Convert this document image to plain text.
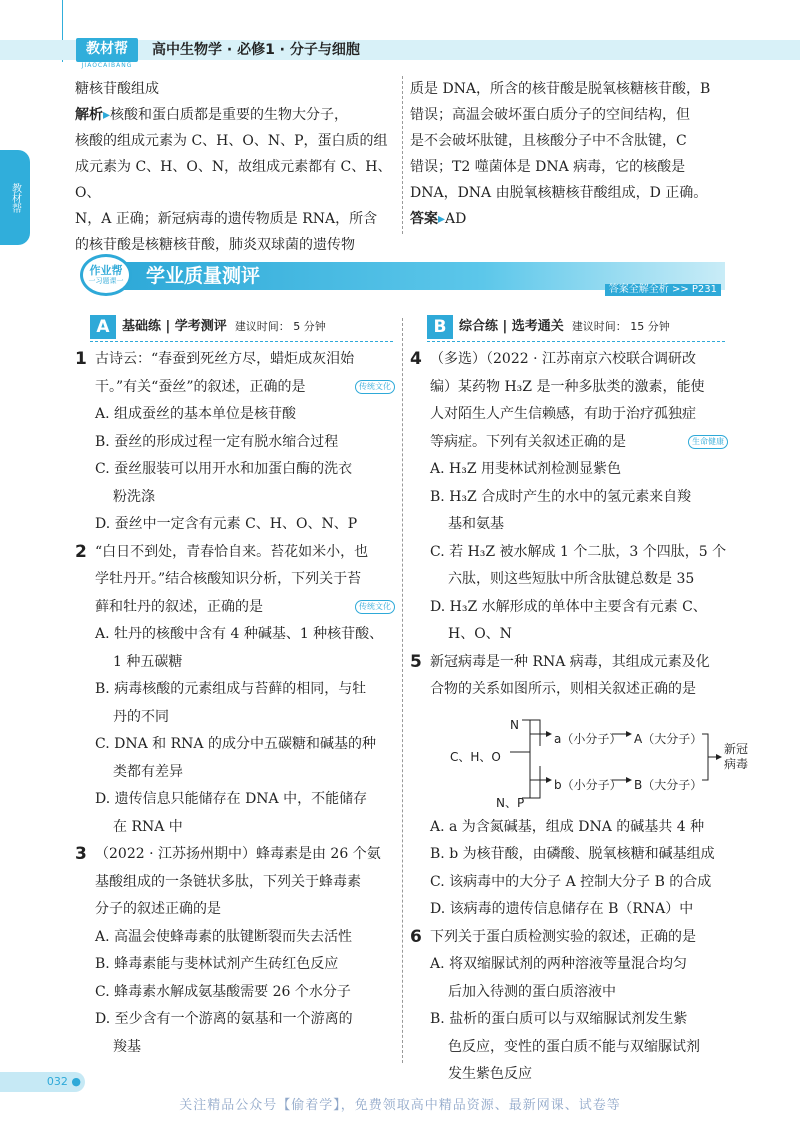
教材帮
JIAOCAIBANG
高中生物学 · 必修1 · 分子与细胞
教材帮

糖核苷酸组成

解析▸核酸和蛋白质都是重要的生物大分子，

核酸的组成元素为 C、H、O、N、P，蛋白质的组

成元素为 C、H、O、N，故组成元素都有 C、H、O、

N，A 正确；新冠病毒的遗传物质是 RNA，所含

的核苷酸是核糖核苷酸，肺炎双球菌的遗传物

质是 DNA，所含的核苷酸是脱氧核糖核苷酸，B

错误；高温会破坏蛋白质分子的空间结构，但

是不会破坏肽键，且核酸分子中不含肽键，C

错误；T2 噬菌体是 DNA 病毒，它的核酸是

DNA，DNA 由脱氧核糖核苷酸组成，D 正确。

答案▸AD

作业帮
一习题课一 学业质量测评
答案全解全析 >> P231
A 基础练 | 学考测评 建议时间： 5 分钟	B 综合练 | 选考通关 建议时间： 15 分钟
1 古诗云：“春蚕到死丝方尽，蜡炬成灰泪始
干。”有关“蚕丝”的叙述，正确的是	传统文化
A. 组成蚕丝的基本单位是核苷酸
B. 蚕丝的形成过程一定有脱水缩合过程
C. 蚕丝服装可以用开水和加蛋白酶的洗衣
粉洗涤
D. 蚕丝中一定含有元素 C、H、O、N、P
2 “白日不到处，青春恰自来。苔花如米小，也
学牡丹开。”结合核酸知识分析，下列关于苔
藓和牡丹的叙述，正确的是	传统文化
A. 牡丹的核酸中含有 4 种碱基、1 种核苷酸、
1 种五碳糖
B. 病毒核酸的元素组成与苔藓的相同，与牡
丹的不同
C. DNA 和 RNA 的成分中五碳糖和碱基的种
类都有差异
D. 遗传信息只能储存在 DNA 中，不能储存
在 RNA 中
3 （2022 · 江苏扬州期中）蜂毒素是由 26 个氨
基酸组成的一条链状多肽，下列关于蜂毒素
分子的叙述正确的是
A. 高温会使蜂毒素的肽键断裂而失去活性
B. 蜂毒素能与斐林试剂产生砖红色反应
C. 蜂毒素水解成氨基酸需要 26 个水分子
D. 至少含有一个游离的氨基和一个游离的
羧基
4 （多选）（2022 · 江苏南京六校联合调研改
编）某药物 H₃Z 是一种多肽类的激素，能使
人对陌生人产生信赖感，有助于治疗孤独症
等病症。下列有关叙述正确的是	生命健康
A. H₃Z 用斐林试剂检测显紫色
B. H₃Z 合成时产生的水中的氢元素来自羧
基和氨基
C. 若 H₃Z 被水解成 1 个二肽，3 个四肽，5 个
六肽，则这些短肽中所含肽键总数是 35
D. H₃Z 水解形成的单体中主要含有元素 C、
H、O、N
5 新冠病毒是一种 RNA 病毒，其组成元素及化
合物的关系如图所示，则相关叙述正确的是
N
C、H、O
N、P
a（小分子） A（大分子）
b（小分子） B（大分子）
新冠病毒
A. a 为含氮碱基，组成 DNA 的碱基共 4 种
B. b 为核苷酸，由磷酸、脱氧核糖和碱基组成
C. 该病毒中的大分子 A 控制大分子 B 的合成
D. 该病毒的遗传信息储存在 B（RNA）中
6 下列关于蛋白质检测实验的叙述，正确的是
A. 将双缩脲试剂的两种溶液等量混合均匀
后加入待测的蛋白质溶液中
B. 盐析的蛋白质可以与双缩脲试剂发生紫
色反应，变性的蛋白质不能与双缩脲试剂
发生紫色反应
032 ●
关注精品公众号【偷着学】，免费领取高中精品资源、最新网课、试卷等
